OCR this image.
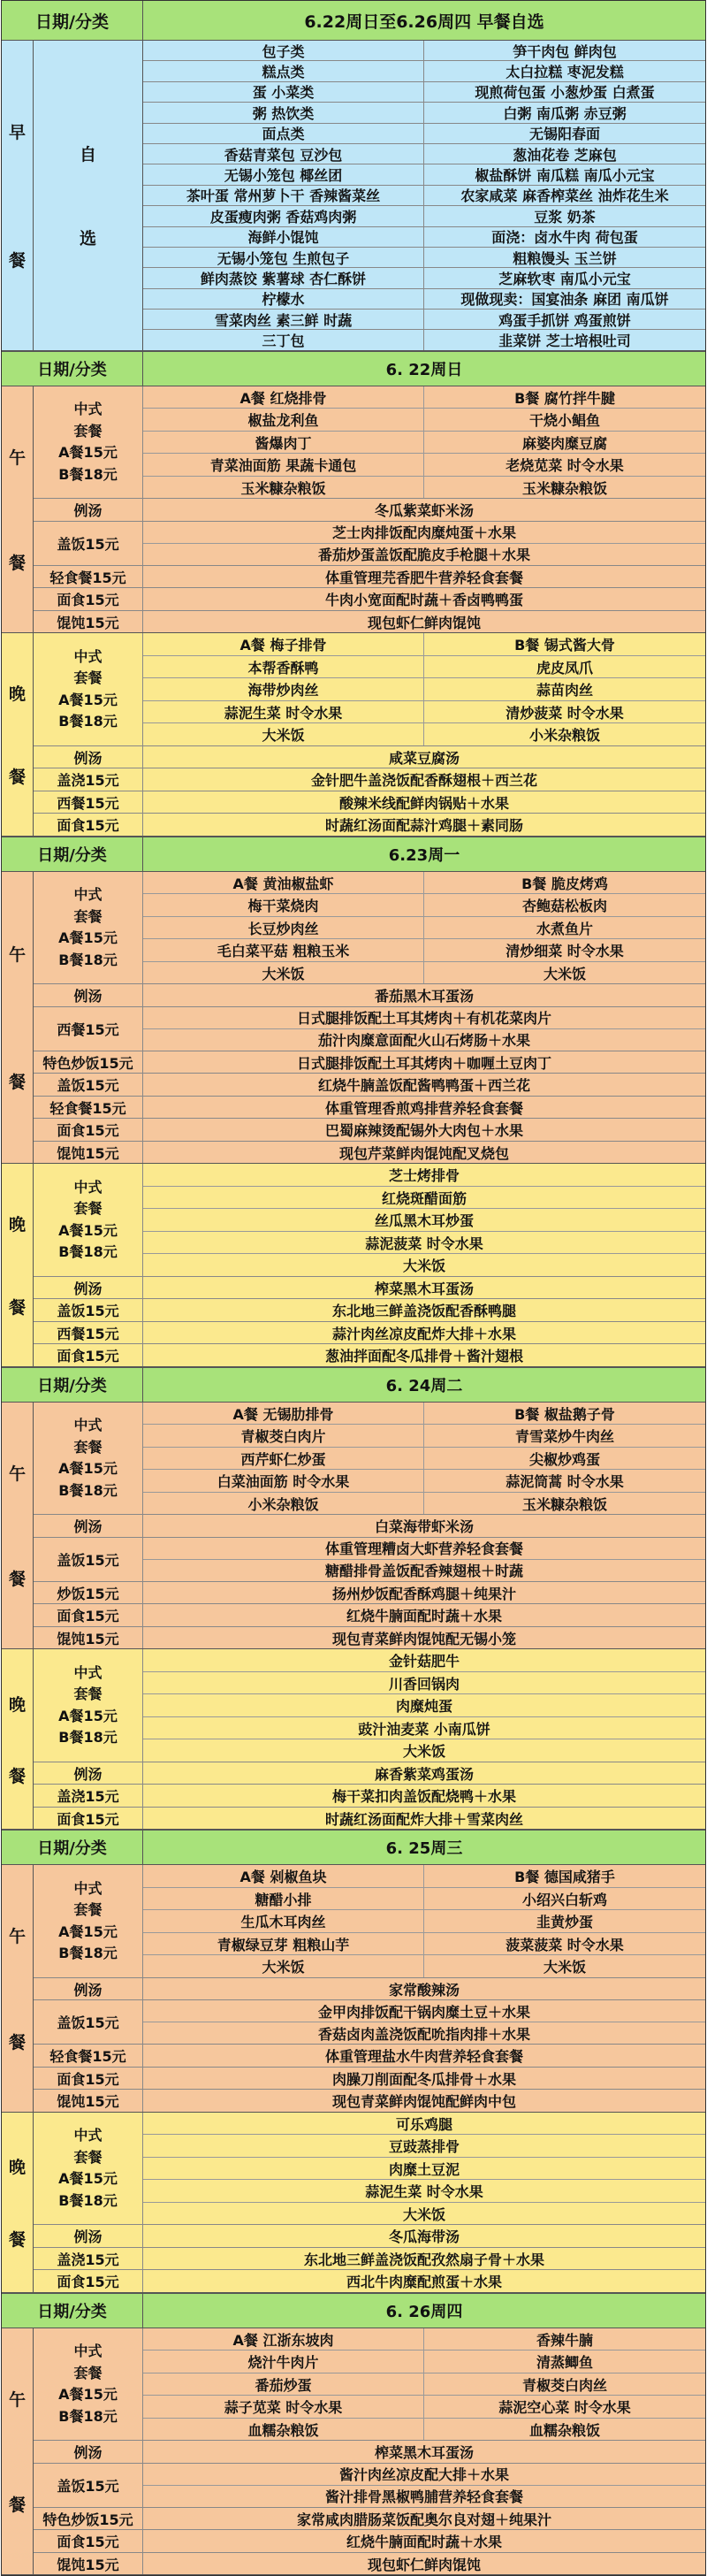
日期/分类	6.22周日至6.26周四 早餐自选
早
餐
自
选
包子类	笋干肉包 鲜肉包
糕点类	太白拉糕 枣泥发糕
蛋 小菜类	现煎荷包蛋 小葱炒蛋 白煮蛋
粥 热饮类	白粥 南瓜粥 赤豆粥
面点类	无锡阳春面
香菇青菜包 豆沙包	葱油花卷 芝麻包
无锡小笼包 椰丝团	椒盐酥饼 南瓜糕 南瓜小元宝
茶叶蛋 常州萝卜干 香辣酱菜丝	农家咸菜 麻香榨菜丝 油炸花生米
皮蛋瘦肉粥 香菇鸡肉粥	豆浆 奶茶
海鲜小馄饨	面浇：卤水牛肉 荷包蛋
无锡小笼包 生煎包子	粗粮馒头 玉兰饼
鲜肉蒸饺 紫薯球 杏仁酥饼	芝麻软枣 南瓜小元宝
柠檬水	现做现卖：国宴油条 麻团 南瓜饼
雪菜肉丝 素三鲜 时蔬	鸡蛋手抓饼 鸡蛋煎饼
三丁包	韭菜饼 芝士培根吐司
日期/分类	6. 22周日
午
餐
中式
套餐
A餐15元
B餐18元
A餐 红烧排骨	B餐 腐竹拌牛腱
椒盐龙利鱼	干烧小鲳鱼
酱爆肉丁	麻婆肉糜豆腐
青菜油面筋 果蔬卡通包	老烧苋菜 时令水果
玉米糠杂粮饭	玉米糠杂粮饭
例汤	冬瓜紫菜虾米汤
盖饭15元
芝士肉排饭配肉糜炖蛋＋水果
番茄炒蛋盖饭配脆皮手枪腿＋水果
轻食餐15元	体重管理芫香肥牛营养轻食套餐
面食15元	牛肉小宽面配时蔬＋香卤鸭鸭蛋
馄饨15元	现包虾仁鲜肉馄饨
晚
餐
中式
套餐
A餐15元
B餐18元
A餐 梅子排骨	B餐 锡式酱大骨
本帮香酥鸭	虎皮凤爪
海带炒肉丝	蒜苗肉丝
蒜泥生菜 时令水果	清炒菠菜 时令水果
大米饭	小米杂粮饭
例汤	咸菜豆腐汤
盖浇15元	金针肥牛盖浇饭配香酥翅根＋西兰花
西餐15元	酸辣米线配鲜肉锅贴＋水果
面食15元	时蔬红汤面配蒜汁鸡腿＋素同肠
日期/分类	6.23周一
午
餐
中式
套餐
A餐15元
B餐18元
A餐 黄油椒盐虾	B餐 脆皮烤鸡
梅干菜烧肉	杏鲍菇松板肉
长豆炒肉丝	水煮鱼片
毛白菜平菇 粗粮玉米	清炒细菜 时令水果
大米饭	大米饭
例汤	番茄黑木耳蛋汤
西餐15元
日式腿排饭配土耳其烤肉＋有机花菜肉片
茄汁肉糜意面配火山石烤肠＋水果
特色炒饭15元	日式腿排饭配土耳其烤肉＋咖喱土豆肉丁
盖饭15元	红烧牛腩盖饭配酱鸭鸭蛋＋西兰花
轻食餐15元	体重管理香煎鸡排营养轻食套餐
面食15元	巴蜀麻辣烫配锡外大肉包＋水果
馄饨15元	现包芹菜鲜肉馄饨配叉烧包
晚
餐
中式
套餐
A餐15元
B餐18元
芝士烤排骨
红烧斑醋面筋
丝瓜黑木耳炒蛋
蒜泥菠菜 时令水果
大米饭
例汤	榨菜黑木耳蛋汤
盖饭15元	东北地三鲜盖浇饭配香酥鸭腿
西餐15元	蒜汁肉丝凉皮配炸大排＋水果
面食15元	葱油拌面配冬瓜排骨＋酱汁翅根
日期/分类	6. 24周二
午
餐
中式
套餐
A餐15元
B餐18元
A餐 无锡肋排骨	B餐 椒盐鹅子骨
青椒茭白肉片	青雪菜炒牛肉丝
西芹虾仁炒蛋	尖椒炒鸡蛋
白菜油面筋 时令水果	蒜泥筒蒿 时令水果
小米杂粮饭	玉米糠杂粮饭
例汤	白菜海带虾米汤
盖饭15元
体重管理糟卤大虾营养轻食套餐
糖醋排骨盖饭配香辣翅根＋时蔬
炒饭15元	扬州炒饭配香酥鸡腿＋纯果汁
面食15元	红烧牛腩面配时蔬＋水果
馄饨15元	现包青菜鲜肉馄饨配无锡小笼
晚
餐
中式
套餐
A餐15元
B餐18元
金针菇肥牛
川香回锅肉
肉糜炖蛋
豉汁油麦菜 小南瓜饼
大米饭
例汤	麻香紫菜鸡蛋汤
盖浇15元	梅干菜扣肉盖饭配烧鸭＋水果
面食15元	时蔬红汤面配炸大排＋雪菜肉丝
日期/分类	6. 25周三
午
餐
中式
套餐
A餐15元
B餐18元
A餐 剁椒鱼块	B餐 德国咸猪手
糖醋小排	小绍兴白斩鸡
生瓜木耳肉丝	韭黄炒蛋
青椒绿豆芽 粗粮山芋	菠菜菠菜 时令水果
大米饭	大米饭
例汤	家常酸辣汤
盖饭15元
金甲肉排饭配干锅肉糜土豆＋水果
香菇卤肉盖浇饭配吮指肉排＋水果
轻食餐15元	体重管理盐水牛肉营养轻食套餐
面食15元	肉臊刀削面配冬瓜排骨＋水果
馄饨15元	现包青菜鲜肉馄饨配鲜肉中包
晚
餐
中式
套餐
A餐15元
B餐18元
可乐鸡腿
豆豉蒸排骨
肉糜土豆泥
蒜泥生菜 时令水果
大米饭
例汤	冬瓜海带汤
盖浇15元	东北地三鲜盖浇饭配孜然扇子骨＋水果
面食15元	西北牛肉糜配煎蛋＋水果
日期/分类	6. 26周四
午
餐
中式
套餐
A餐15元
B餐18元
A餐 江浙东坡肉	香辣牛腩
烧汁牛肉片	清蒸鲫鱼
番茄炒蛋	青椒茭白肉丝
蒜子苋菜 时令水果	蒜泥空心菜 时令水果
血糯杂粮饭	血糯杂粮饭
例汤	榨菜黑木耳蛋汤
盖饭15元
酱汁肉丝凉皮配大排＋水果
酱汁排骨黑椒鸭脯营养轻食套餐
特色炒饭15元	家常咸肉腊肠菜饭配奥尔良对翅＋纯果汁
面食15元	红烧牛腩面配时蔬＋水果
馄饨15元	现包虾仁鲜肉馄饨
